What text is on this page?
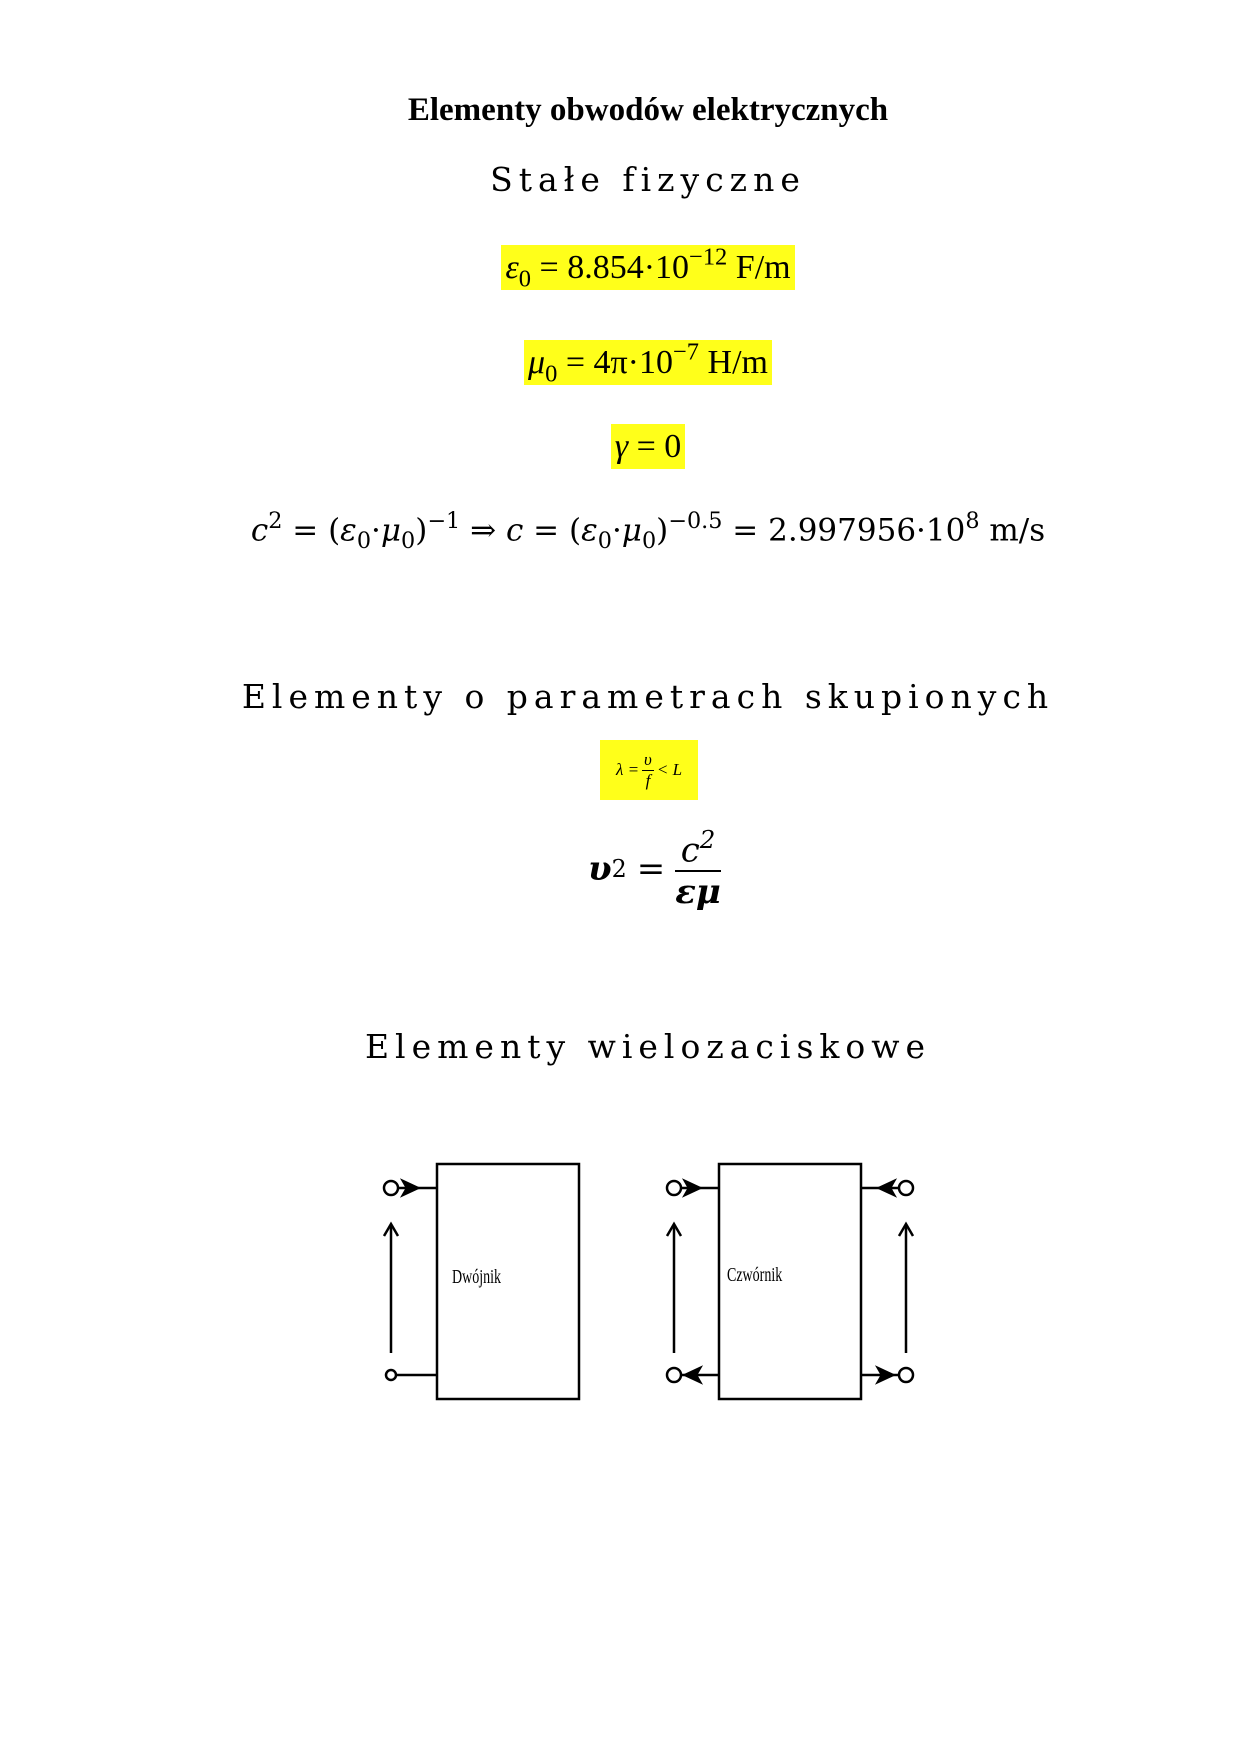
Elementy obwodów elektrycznych
Stałe fizyczne
$\varepsilon_0 = 8.854\cdot 10^{-12}$ F/m
$\mu_0 = 4\pi\cdot 10^{-7}$ H/m
γ = 0
$c^2 = (\varepsilon_0\cdot\mu_0)^{-1}$ ⇒ $c = (\varepsilon_0\cdot\mu_0)^{-0.5} = 2.997956\cdot 10^8$ m/s
Elementy o parametrach skupionych
$\lambda = \frac{\upsilon}{f} < L$
υ $2 = \frac{c^2}{\varepsilon\mu}$
Elementy wielozaciskowe
Dwójnik	Czwórnik
